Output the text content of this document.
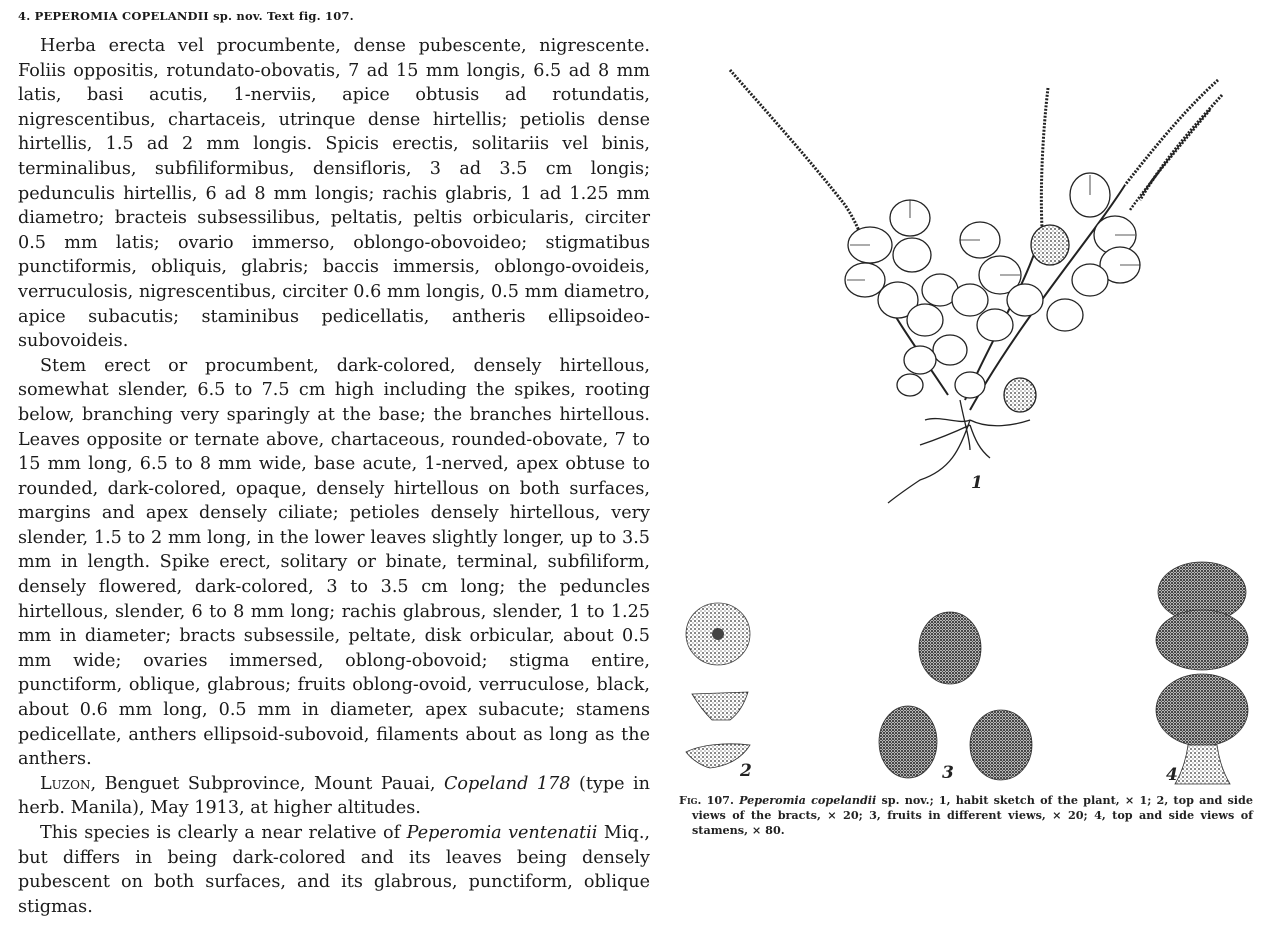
4. PEPEROMIA COPELANDII sp. nov. Text fig. 107.

Herba erecta vel procumbente, dense pubescente, nigrescente. Foliis oppositis, rotundato-obovatis, 7 ad 15 mm longis, 6.5 ad 8 mm latis, basi acutis, 1-nerviis, apice obtusis ad rotundatis, nigrescentibus, chartaceis, utrinque dense hirtellis; petiolis dense hirtellis, 1.5 ad 2 mm longis. Spicis erectis, solitariis vel binis, terminalibus, subfiliformibus, densifloris, 3 ad 3.5 cm longis; pedunculis hirtellis, 6 ad 8 mm longis; rachis glabris, 1 ad 1.25 mm diametro; bracteis subsessilibus, peltatis, peltis orbicularis, circiter 0.5 mm latis; ovario immerso, oblongo-obovoideo; stigmatibus punctiformis, obliquis, glabris; baccis immersis, oblongo-ovoideis, verruculosis, nigrescentibus, circiter 0.6 mm longis, 0.5 mm diametro, apice subacutis; staminibus pedicellatis, antheris ellipsoideo-subovoideis.

Stem erect or procumbent, dark-colored, densely hirtellous, somewhat slender, 6.5 to 7.5 cm high including the spikes, rooting below, branching very sparingly at the base; the branches hirtellous. Leaves opposite or ternate above, chartaceous, rounded-obovate, 7 to 15 mm long, 6.5 to 8 mm wide, base acute, 1-nerved, apex obtuse to rounded, dark-colored, opaque, densely hirtellous on both surfaces, margins and apex densely ciliate; petioles densely hirtellous, very slender, 1.5 to 2 mm long, in the lower leaves slightly longer, up to 3.5 mm in length. Spike erect, solitary or binate, terminal, subfiliform, densely flowered, dark-colored, 3 to 3.5 cm long; the peduncles hirtellous, slender, 6 to 8 mm long; rachis glabrous, slender, 1 to 1.25 mm in diameter; bracts subsessile, peltate, disk orbicular, about 0.5 mm wide; ovaries immersed, oblong-obovoid; stigma entire, punctiform, oblique, glabrous; fruits oblong-ovoid, verruculose, black, about 0.6 mm long, 0.5 mm in diameter, apex subacute; stamens pedicellate, anthers ellipsoid-subovoid, filaments about as long as the anthers.

Luzon, Benguet Subprovince, Mount Pauai, Copeland 178 (type in herb. Manila), May 1913, at higher altitudes.

This species is clearly a near relative of Peperomia ventenatii Miq., but differs in being dark-colored and its leaves being densely pubescent on both surfaces, and its glabrous, punctiform, oblique stigmas.

1
2	3	4
Fig. 107. Peperomia copelandii sp. nov.; 1, habit sketch of the plant, × 1; 2, top and side views of the bracts, × 20; 3, fruits in different views, × 20; 4, top and side views of stamens, × 80.
